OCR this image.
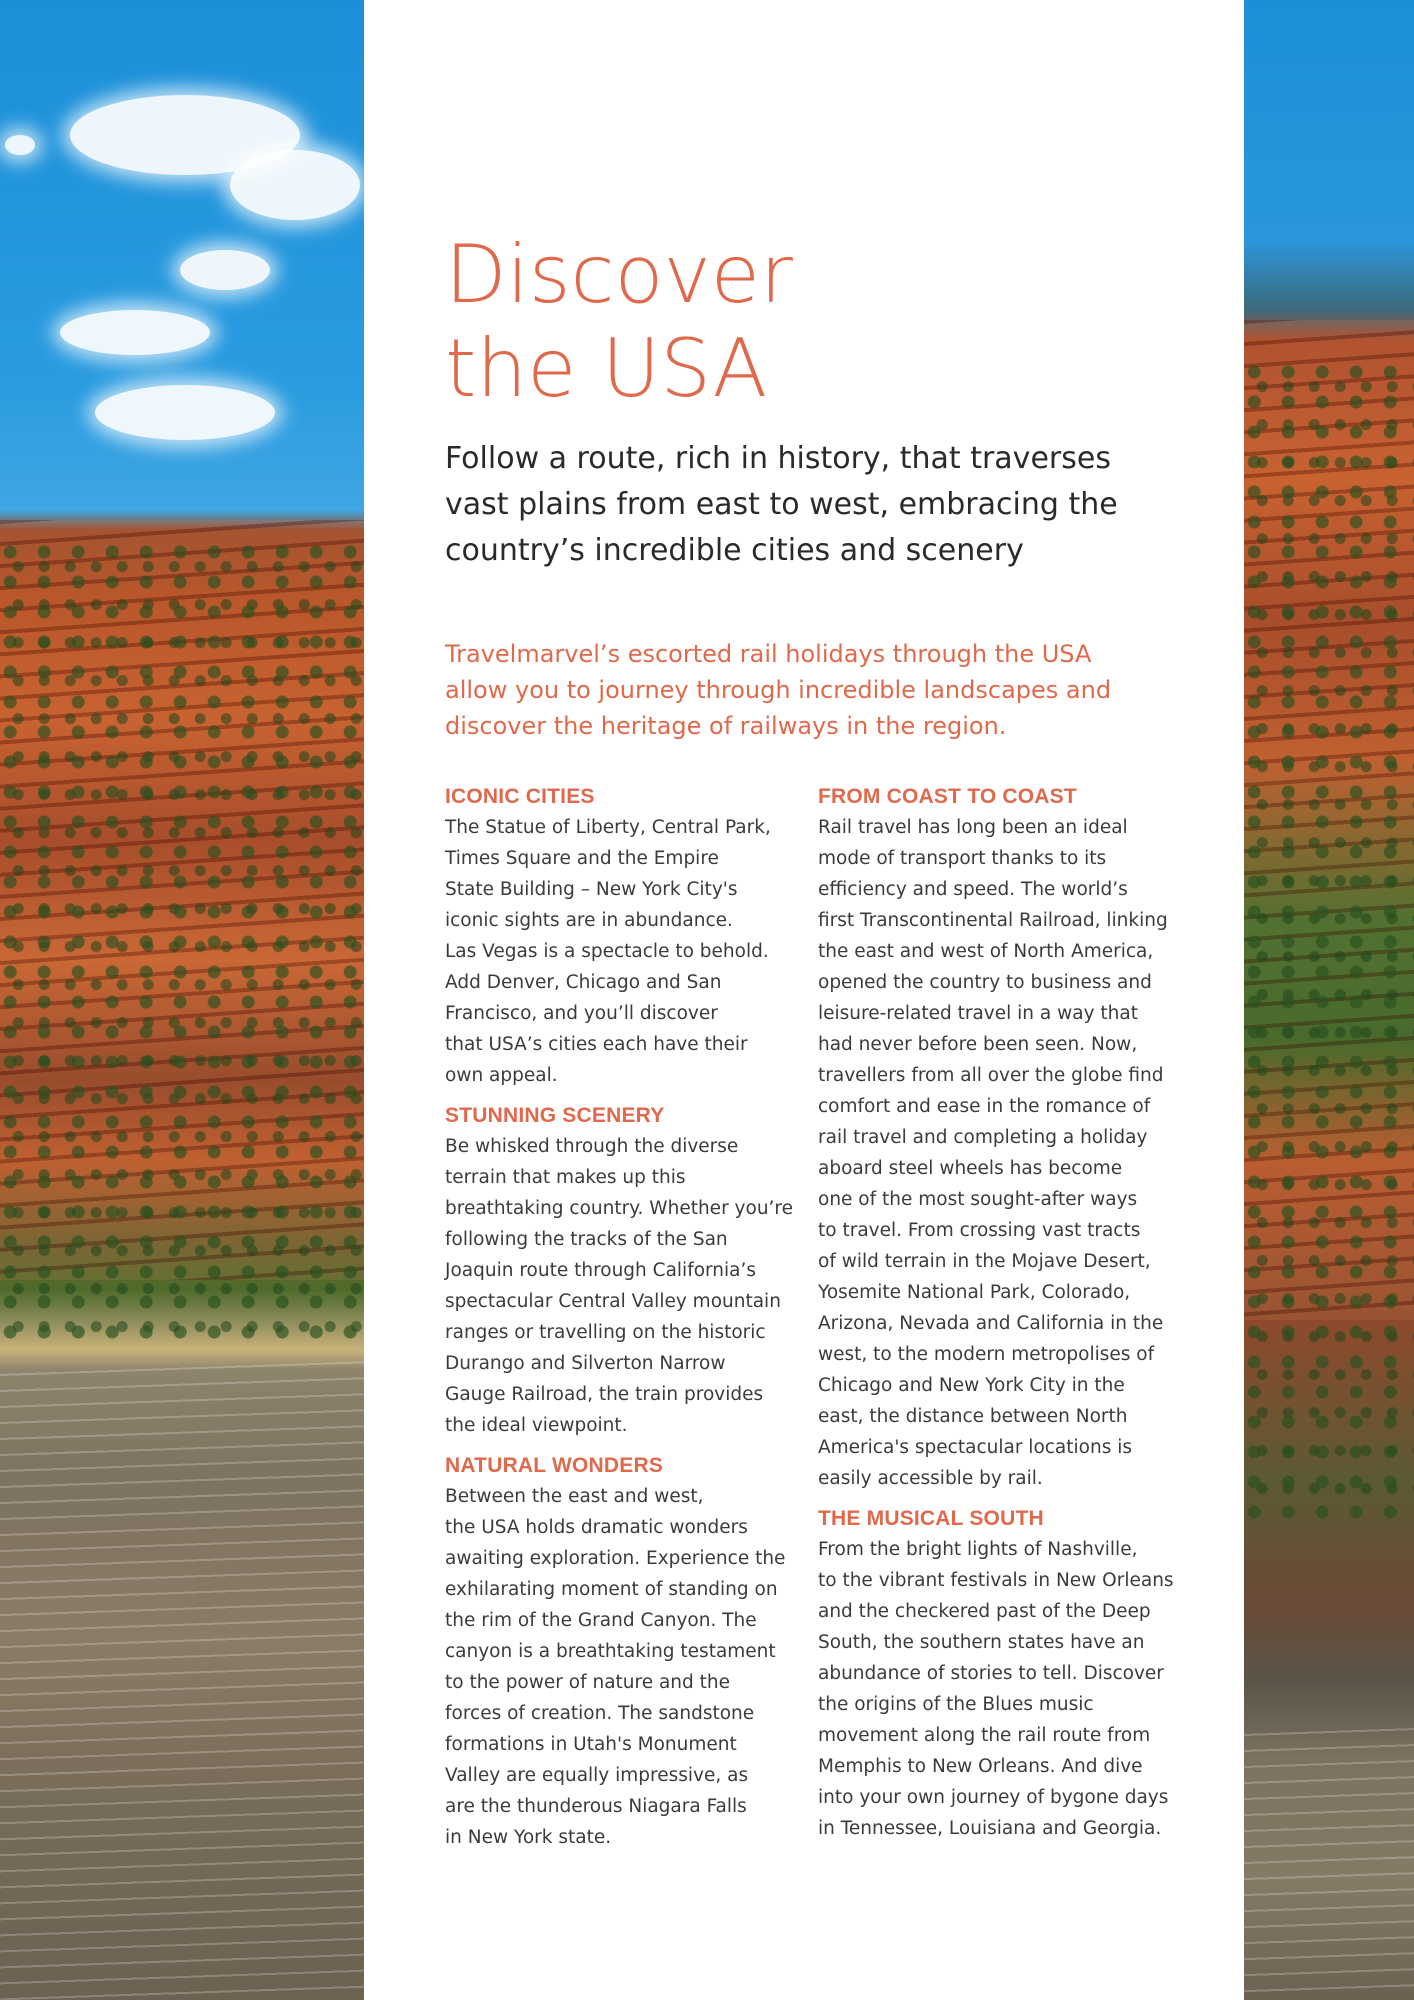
Discover
the USA

Follow a route, rich in history, that traverses vast plains from east to west, embracing the country’s incredible cities and scenery

Travelmarvel’s escorted rail holidays through the USA allow you to journey through incredible landscapes and discover the heritage of railways in the region.

ICONIC CITIES

The Statue of Liberty, Central Park,
Times Square and the Empire
State Building – New York City's
iconic sights are in abundance.
Las Vegas is a spectacle to behold.
Add Denver, Chicago and San
Francisco, and you’ll discover
that USA’s cities each have their
own appeal.

STUNNING SCENERY

Be whisked through the diverse
terrain that makes up this
breathtaking country. Whether you’re
following the tracks of the San
Joaquin route through California’s
spectacular Central Valley mountain
ranges or travelling on the historic
Durango and Silverton Narrow
Gauge Railroad, the train provides
the ideal viewpoint.

NATURAL WONDERS

Between the east and west,
the USA holds dramatic wonders
awaiting exploration. Experience the
exhilarating moment of standing on
the rim of the Grand Canyon. The
canyon is a breathtaking testament
to the power of nature and the
forces of creation. The sandstone
formations in Utah's Monument
Valley are equally impressive, as
are the thunderous Niagara Falls
in New York state.

FROM COAST TO COAST

Rail travel has long been an ideal
mode of transport thanks to its
efficiency and speed. The world’s
first Transcontinental Railroad, linking
the east and west of North America,
opened the country to business and
leisure-related travel in a way that
had never before been seen. Now,
travellers from all over the globe find
comfort and ease in the romance of
rail travel and completing a holiday
aboard steel wheels has become
one of the most sought-after ways
to travel. From crossing vast tracts
of wild terrain in the Mojave Desert,
Yosemite National Park, Colorado,
Arizona, Nevada and California in the
west, to the modern metropolises of
Chicago and New York City in the
east, the distance between North
America's spectacular locations is
easily accessible by rail.

THE MUSICAL SOUTH

From the bright lights of Nashville,
to the vibrant festivals in New Orleans
and the checkered past of the Deep
South, the southern states have an
abundance of stories to tell. Discover
the origins of the Blues music
movement along the rail route from
Memphis to New Orleans. And dive
into your own journey of bygone days
in Tennessee, Louisiana and Georgia.
